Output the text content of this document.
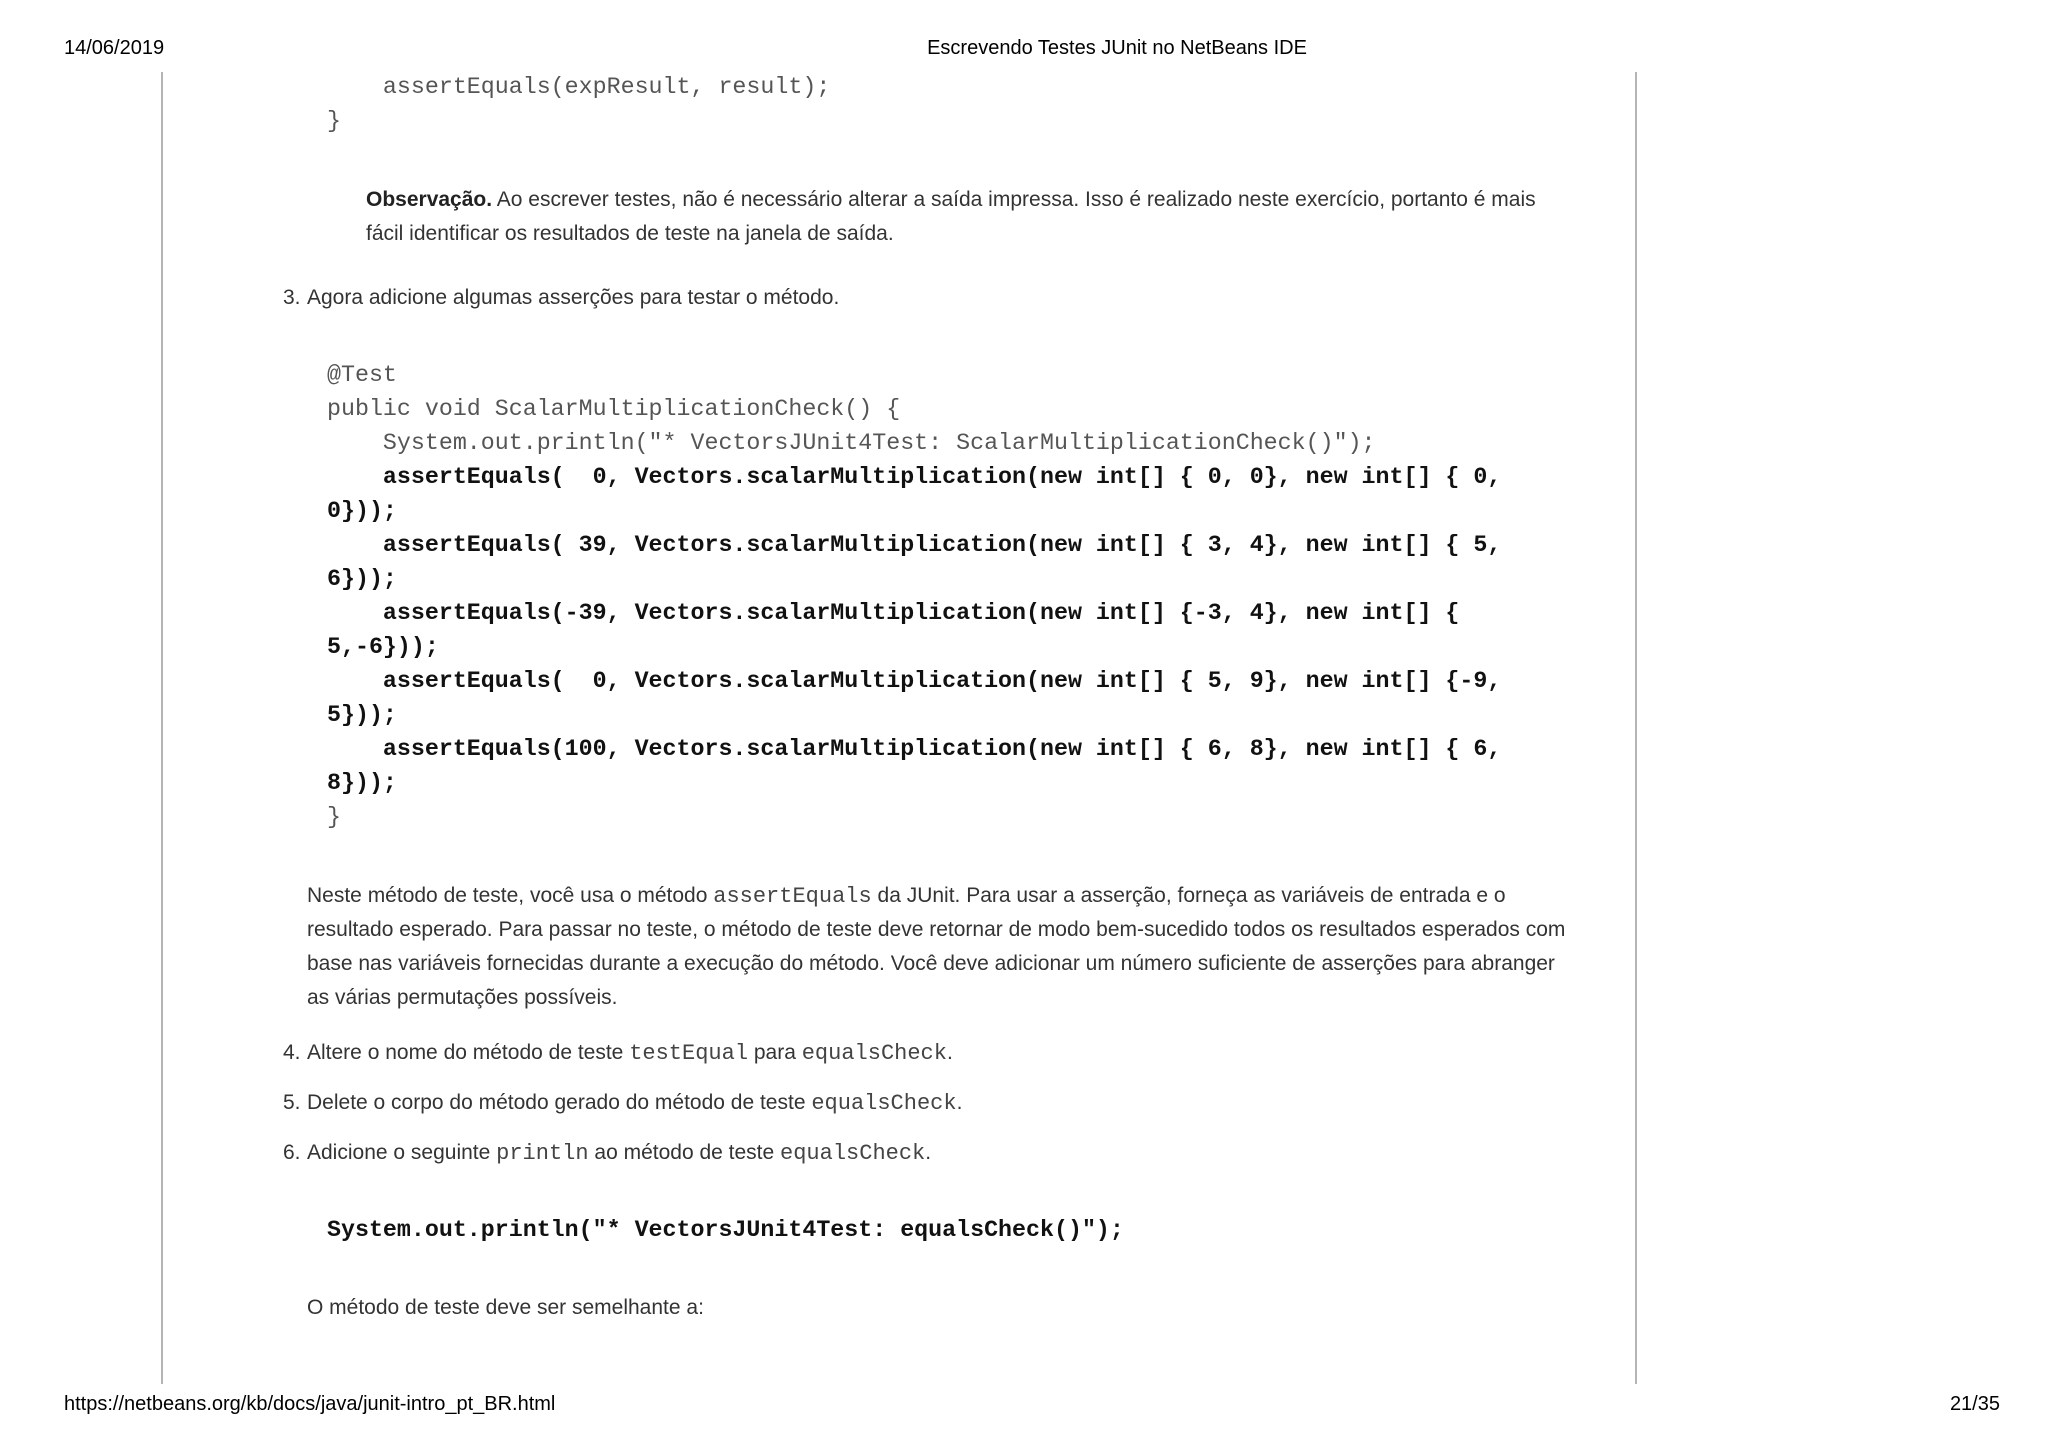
14/06/2019	Escrevendo Testes JUnit no NetBeans IDE
assertEquals(expResult, result);
}
Observação. Ao escrever testes, não é necessário alterar a saída impressa. Isso é realizado neste exercício, portanto é mais
fácil identificar os resultados de teste na janela de saída.
3. Agora adicione algumas asserções para testar o método.
@Test
public void ScalarMultiplicationCheck() {
System.out.println("* VectorsJUnit4Test: ScalarMultiplicationCheck()");
assertEquals(  0, Vectors.scalarMultiplication(new int[] { 0, 0}, new int[] { 0,
0}));
assertEquals( 39, Vectors.scalarMultiplication(new int[] { 3, 4}, new int[] { 5,
6}));
assertEquals(-39, Vectors.scalarMultiplication(new int[] {-3, 4}, new int[] {
5,-6}));
assertEquals(  0, Vectors.scalarMultiplication(new int[] { 5, 9}, new int[] {-9,
5}));
assertEquals(100, Vectors.scalarMultiplication(new int[] { 6, 8}, new int[] { 6,
8}));
}
Neste método de teste, você usa o método assertEquals da JUnit. Para usar a asserção, forneça as variáveis de entrada e o
resultado esperado. Para passar no teste, o método de teste deve retornar de modo bem-sucedido todos os resultados esperados com
base nas variáveis fornecidas durante a execução do método. Você deve adicionar um número suficiente de asserções para abranger
as várias permutações possíveis.
4. Altere o nome do método de teste testEqual para equalsCheck.
5. Delete o corpo do método gerado do método de teste equalsCheck.
6. Adicione o seguinte println ao método de teste equalsCheck.
System.out.println("* VectorsJUnit4Test: equalsCheck()");
O método de teste deve ser semelhante a:
https://netbeans.org/kb/docs/java/junit-intro_pt_BR.html	21/35
